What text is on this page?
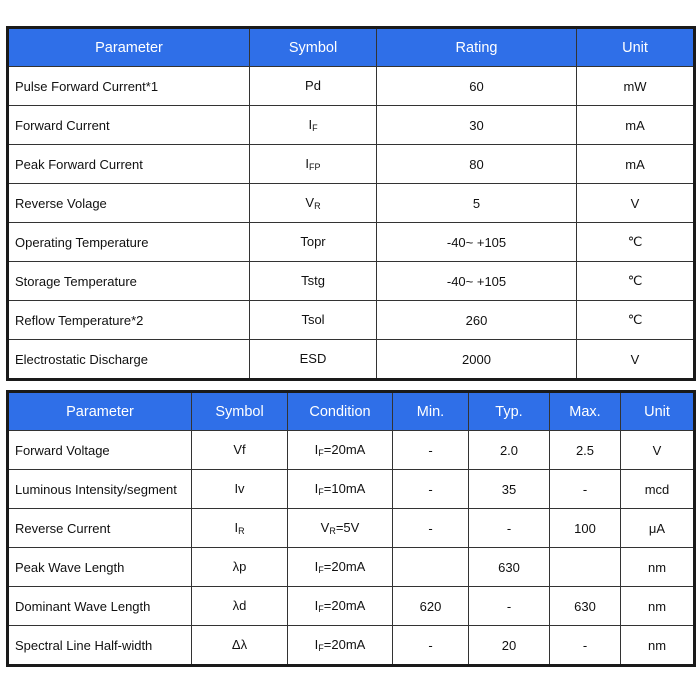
Parameter	Symbol	Rating	Unit
Pulse Forward Current*1	Pd	60	mW
Forward Current	$I_F$	30	mA
Peak Forward Current	$I_{FP}$	80	mA
Reverse Volage	$V_R$	5	V
Operating Temperature	Topr	-40~ +105	℃
Storage Temperature	Tstg	-40~ +105	℃
Reflow Temperature*2	Tsol	260	℃
Electrostatic Discharge	ESD	2000	V
Parameter	Symbol	Condition	Min.	Typ.	Max.	Unit
Forward Voltage	Vf	$I_F=20mA$	-	2.0	2.5	V
Luminous Intensity/segment	Iv	$I_F=10mA$	-	35	-	mcd
Reverse Current	$I_R$	$V_R=5V$	-	-	100	μA
Peak Wave Length	λp	$I_F=20mA$		630		nm
Dominant Wave Length	λd	$I_F=20mA$	620	-	630	nm
Spectral Line Half-width	Δλ	$I_F=20mA$	-	20	-	nm
